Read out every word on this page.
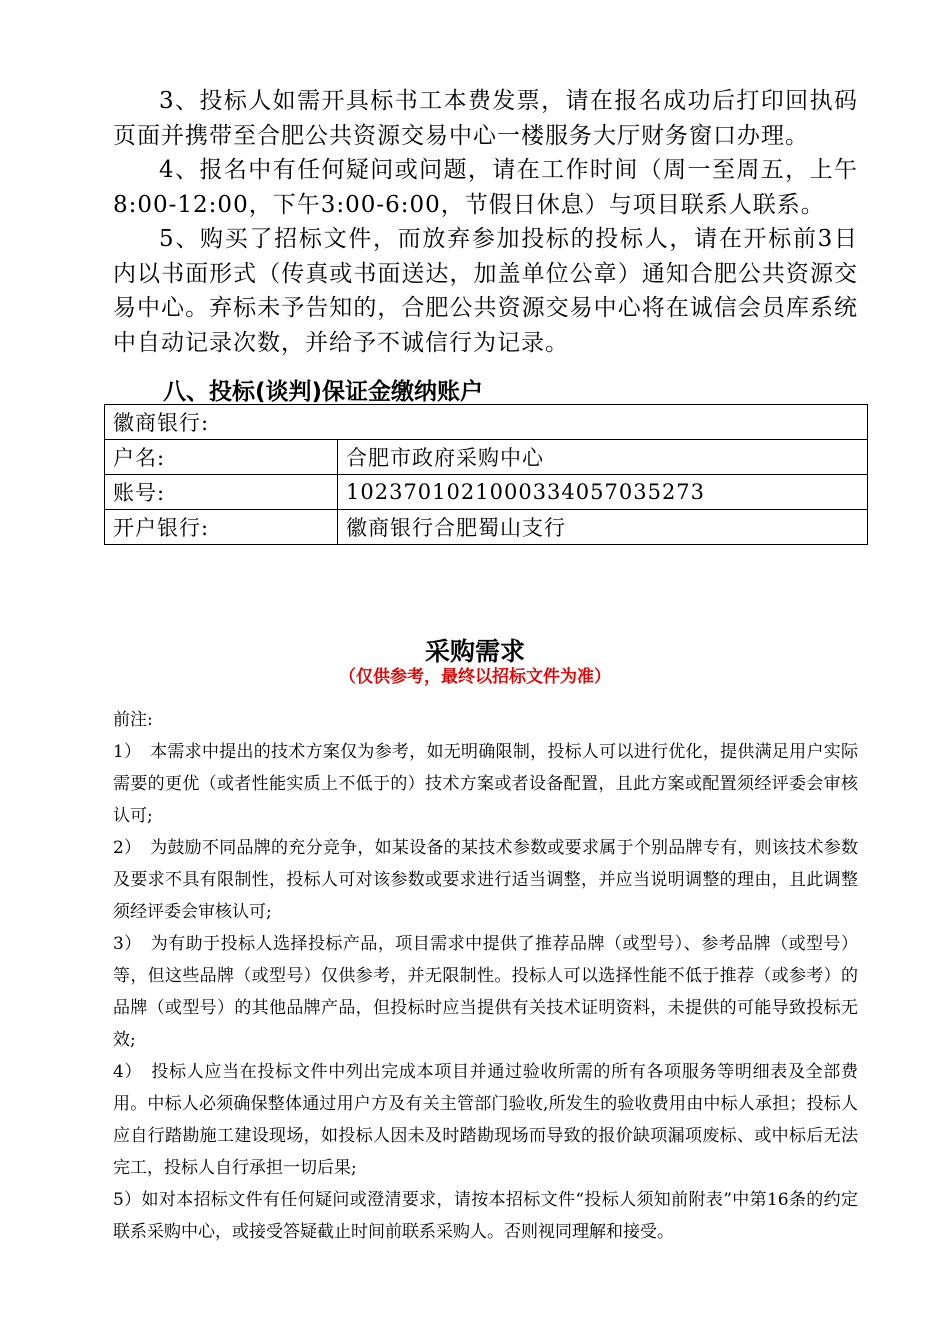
3、投标人如需开具标书工本费发票，请在报名成功后打印回执码页面并携带至合肥公共资源交易中心一楼服务大厅财务窗口办理。

4、报名中有任何疑问或问题，请在工作时间（周一至周五，上午8:00-12:00，下午3:00-6:00，节假日休息）与项目联系人联系。

5、购买了招标文件，而放弃参加投标的投标人，请在开标前3日内以书面形式（传真或书面送达，加盖单位公章）通知合肥公共资源交易中心。弃标未予告知的，合肥公共资源交易中心将在诚信会员库系统中自动记录次数，并给予不诚信行为记录。

八、投标(谈判)保证金缴纳账户
徽商银行:	
户名:	合肥市政府采购中心
账号:	1023701021000334057035273
开户银行:	徽商银行合肥蜀山支行
采购需求
（仅供参考，最终以招标文件为准）

前注:

1）　本需求中提出的技术方案仅为参考，如无明确限制，投标人可以进行优化，提供满足用户实际需要的更优（或者性能实质上不低于的）技术方案或者设备配置，且此方案或配置须经评委会审核认可;

2）　为鼓励不同品牌的充分竞争，如某设备的某技术参数或要求属于个别品牌专有，则该技术参数及要求不具有限制性，投标人可对该参数或要求进行适当调整，并应当说明调整的理由，且此调整须经评委会审核认可;

3）　为有助于投标人选择投标产品，项目需求中提供了推荐品牌（或型号）、参考品牌（或型号）等，但这些品牌（或型号）仅供参考，并无限制性。投标人可以选择性能不低于推荐（或参考）的品牌（或型号）的其他品牌产品，但投标时应当提供有关技术证明资料，未提供的可能导致投标无效;

4）　投标人应当在投标文件中列出完成本项目并通过验收所需的所有各项服务等明细表及全部费用。中标人必须确保整体通过用户方及有关主管部门验收,所发生的验收费用由中标人承担；投标人应自行踏勘施工建设现场，如投标人因未及时踏勘现场而导致的报价缺项漏项废标、或中标后无法完工，投标人自行承担一切后果;

5）如对本招标文件有任何疑问或澄清要求，请按本招标文件“投标人须知前附表”中第16条的约定联系采购中心，或接受答疑截止时间前联系采购人。否则视同理解和接受。
